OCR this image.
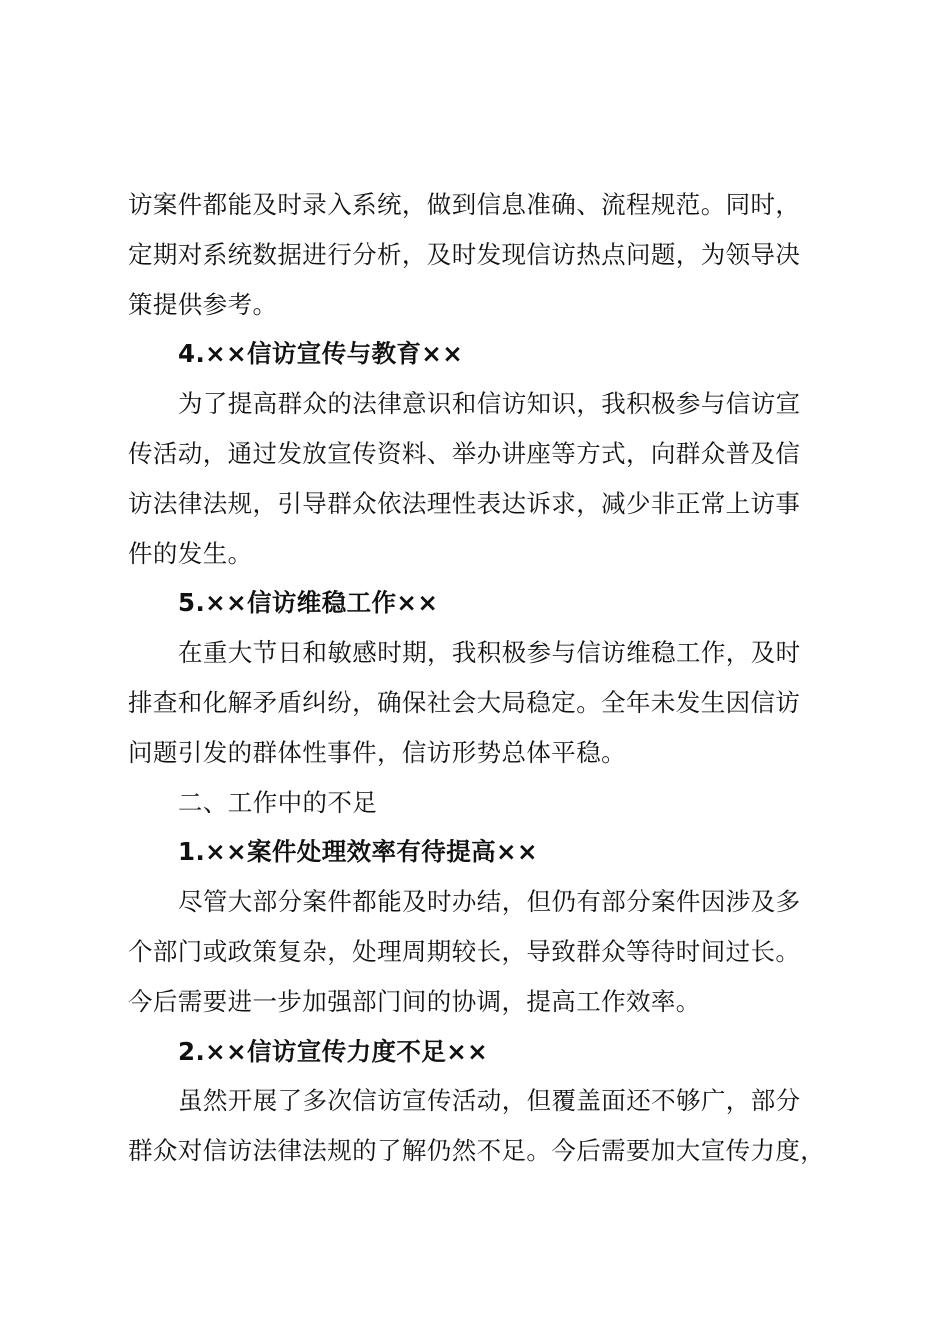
访案件都能及时录入系统，做到信息准确、流程规范。同时，
定期对系统数据进行分析，及时发现信访热点问题，为领导决
策提供参考。
4.××信访宣传与教育××
为了提高群众的法律意识和信访知识，我积极参与信访宣
传活动，通过发放宣传资料、举办讲座等方式，向群众普及信
访法律法规，引导群众依法理性表达诉求，减少非正常上访事
件的发生。
5.××信访维稳工作××
在重大节日和敏感时期，我积极参与信访维稳工作，及时
排查和化解矛盾纠纷，确保社会大局稳定。全年未发生因信访
问题引发的群体性事件，信访形势总体平稳。
二、工作中的不足
1.××案件处理效率有待提高××
尽管大部分案件都能及时办结，但仍有部分案件因涉及多
个部门或政策复杂，处理周期较长，导致群众等待时间过长。
今后需要进一步加强部门间的协调，提高工作效率。
2.××信访宣传力度不足××
虽然开展了多次信访宣传活动，但覆盖面还不够广，部分
群众对信访法律法规的了解仍然不足。今后需要加大宣传力度，
